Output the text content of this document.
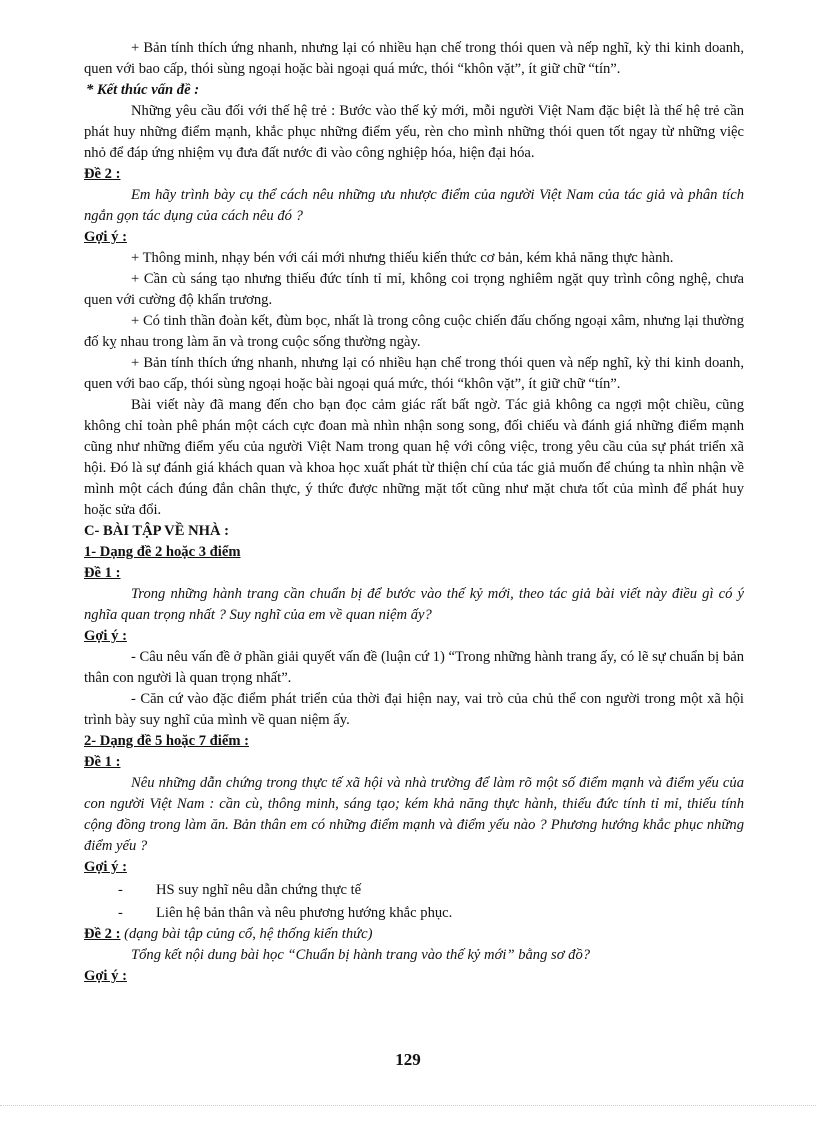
+ Bản tính thích ứng nhanh, nhưng lại có nhiều hạn chế trong thói quen và nếp nghĩ, kỳ thi kinh doanh, quen với bao cấp, thói sùng ngoại hoặc bài ngoại quá mức, thói “khôn vặt”, ít giữ chữ “tín”.

* Kết thúc vấn đề :

Những yêu cầu đối với thế hệ trẻ : Bước vào thế kỷ mới, mỗi người Việt Nam đặc biệt là thế hệ trẻ cần phát huy những điểm mạnh, khắc phục những điểm yếu, rèn cho mình những thói quen tốt ngay từ những việc nhỏ để đáp ứng nhiệm vụ đưa đất nước đi vào công nghiệp hóa, hiện đại hóa.

Đề 2 :

Em hãy trình bày cụ thể cách nêu những ưu nhược điểm của người Việt Nam của tác giả và phân tích ngắn gọn tác dụng của cách nêu đó ?

Gợi ý :

+ Thông minh, nhạy bén với cái mới nhưng thiếu kiến thức cơ bản, kém khả năng thực hành.

+ Cần cù sáng tạo nhưng thiếu đức tính tỉ mỉ, không coi trọng nghiêm ngặt quy trình công nghệ, chưa quen với cường độ khẩn trương.

+ Có tinh thần đoàn kết, đùm bọc, nhất là trong công cuộc chiến đấu chống ngoại xâm, nhưng lại thường đố kỵ nhau trong làm ăn và trong cuộc sống thường ngày.

+ Bản tính thích ứng nhanh, nhưng lại có nhiều hạn chế trong thói quen và nếp nghĩ, kỳ thi kinh doanh, quen với bao cấp, thói sùng ngoại hoặc bài ngoại quá mức, thói “khôn vặt”, ít giữ chữ “tín”.

Bài viết này đã mang đến cho bạn đọc cảm giác rất bất ngờ. Tác giả không ca ngợi một chiều, cũng không chỉ toàn phê phán một cách cực đoan mà nhìn nhận song song, đối chiếu và đánh giá những điểm mạnh cũng như những điểm yếu của người Việt Nam trong quan hệ với công việc, trong yêu cầu của sự phát triển xã hội. Đó là sự đánh giá khách quan và khoa học xuất phát từ thiện chí của tác giả muốn để chúng ta nhìn nhận về mình một cách đúng đắn chân thực, ý thức được những mặt tốt cũng như mặt chưa tốt của mình để phát huy hoặc sửa đổi.

C- BÀI TẬP VỀ NHÀ :

1- Dạng đề 2 hoặc 3 điểm

Đề 1 :

Trong những hành trang cần chuẩn bị để bước vào thế kỷ mới, theo tác giả bài viết này điều gì có ý nghĩa quan trọng nhất ? Suy nghĩ của em về quan niệm ấy?

Gợi ý :

- Câu nêu vấn đề ở phần giải quyết vấn đề (luận cứ 1) “Trong những hành trang ấy, có lẽ sự chuẩn bị bản thân con người là quan trọng nhất”.

- Căn cứ vào đặc điểm phát triển của thời đại hiện nay, vai trò của chủ thể con người trong một xã hội trình bày suy nghĩ của mình về quan niệm ấy.

2- Dạng đề 5 hoặc 7 điểm :

Đề 1 :

Nêu những dẫn chứng trong thực tế xã hội và nhà trường để làm rõ một số điểm mạnh và điểm yếu của con người Việt Nam : cần cù, thông minh, sáng tạo; kém khả năng thực hành, thiếu đức tính tỉ mỉ, thiếu tính cộng đồng trong làm ăn. Bản thân em có những điểm mạnh và điểm yếu nào ? Phương hướng khắc phục những điểm yếu ?

Gợi ý :

-	HS suy nghĩ nêu dẫn chứng thực tế
-	Liên hệ bản thân và nêu phương hướng khắc phục.

Đề 2 : (dạng bài tập củng cố, hệ thống kiến thức)

Tổng kết nội dung bài học “Chuẩn bị hành trang vào thế kỷ mới” bằng sơ đồ?

Gợi ý :

129
